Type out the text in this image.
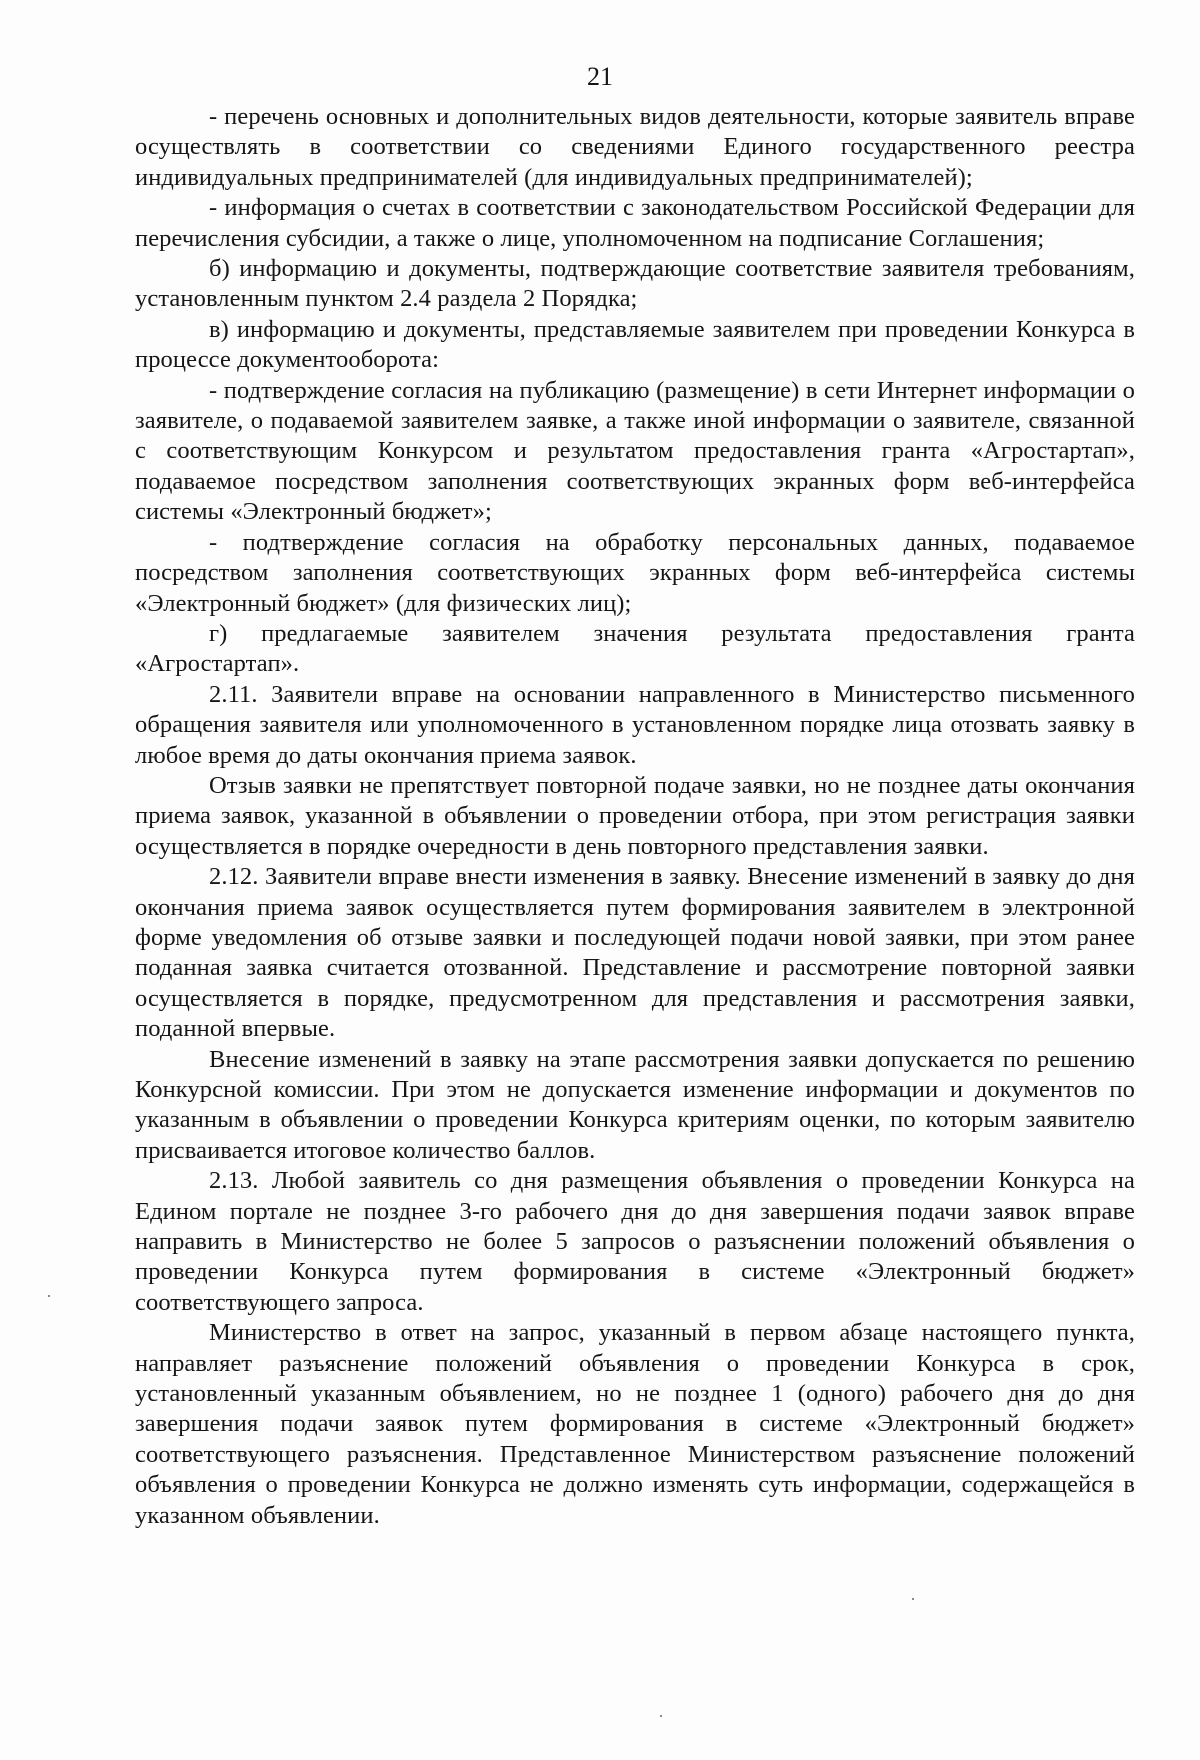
21

- перечень основных и дополнительных видов деятельности, которые заявитель вправе осуществлять в соответствии со сведениями Единого государственного реестра индивидуальных предпринимателей (для индивидуальных предпринимателей);

- информация о счетах в соответствии с законодательством Российской Федерации для перечисления субсидии, а также о лице, уполномоченном на подписание Соглашения;

б) информацию и документы, подтверждающие соответствие заявителя требованиям, установленным пунктом 2.4 раздела 2 Порядка;

в) информацию и документы, представляемые заявителем при проведении Конкурса в процессе документооборота:

- подтверждение согласия на публикацию (размещение) в сети Интернет информации о заявителе, о подаваемой заявителем заявке, а также иной информации о заявителе, связанной с соответствующим Конкурсом и результатом предоставления гранта «Агростартап», подаваемое посредством заполнения соответствующих экранных форм веб-интерфейса системы «Электронный бюджет»;

- подтверждение согласия на обработку персональных данных, подаваемое посредством заполнения соответствующих экранных форм веб-интерфейса системы «Электронный бюджет» (для физических лиц);

г) предлагаемые заявителем значения результата предоставления гранта «Агростартап».

2.11. Заявители вправе на основании направленного в Министерство письменного обращения заявителя или уполномоченного в установленном порядке лица отозвать заявку в любое время до даты окончания приема заявок.

Отзыв заявки не препятствует повторной подаче заявки, но не позднее даты окончания приема заявок, указанной в объявлении о проведении отбора, при этом регистрация заявки осуществляется в порядке очередности в день повторного представления заявки.

2.12. Заявители вправе внести изменения в заявку. Внесение изменений в заявку до дня окончания приема заявок осуществляется путем формирования заявителем в электронной форме уведомления об отзыве заявки и последующей подачи новой заявки, при этом ранее поданная заявка считается отозванной. Представление и рассмотрение повторной заявки осуществляется в порядке, предусмотренном для представления и рассмотрения заявки, поданной впервые.

Внесение изменений в заявку на этапе рассмотрения заявки допускается по решению Конкурсной комиссии. При этом не допускается изменение информации и документов по указанным в объявлении о проведении Конкурса критериям оценки, по которым заявителю присваивается итоговое количество баллов.

2.13. Любой заявитель со дня размещения объявления о проведении Конкурса на Едином портале не позднее 3-го рабочего дня до дня завершения подачи заявок вправе направить в Министерство не более 5 запросов о разъяснении положений объявления о проведении Конкурса путем формирования в системе «Электронный бюджет» соответствующего запроса.

Министерство в ответ на запрос, указанный в первом абзаце настоящего пункта, направляет разъяснение положений объявления о проведении Конкурса в срок, установленный указанным объявлением, но не позднее 1 (одного) рабочего дня до дня завершения подачи заявок путем формирования в системе «Электронный бюджет» соответствующего разъяснения. Представленное Министерством разъяснение положений объявления о проведении Конкурса не должно изменять суть информации, содержащейся в указанном объявлении.
